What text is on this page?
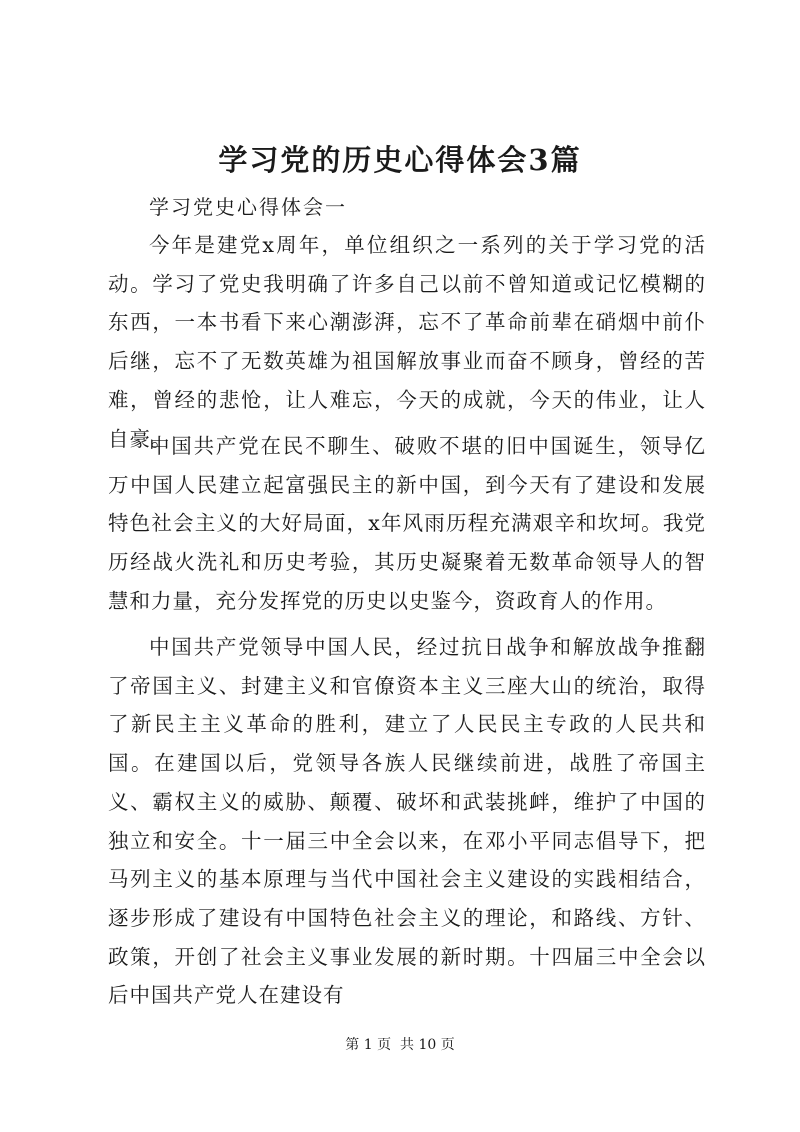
学习党的历史心得体会3篇
学习党史心得体会一

今年是建党x周年，单位组织之一系列的关于学习党的活动。学习了党史我明确了许多自己以前不曾知道或记忆模糊的东西，一本书看下来心潮澎湃，忘不了革命前辈在硝烟中前仆后继，忘不了无数英雄为祖国解放事业而奋不顾身，曾经的苦难，曾经的悲怆，让人难忘，今天的成就，今天的伟业，让人自豪。

中国共产党在民不聊生、破败不堪的旧中国诞生，领导亿万中国人民建立起富强民主的新中国，到今天有了建设和发展特色社会主义的大好局面，x年风雨历程充满艰辛和坎坷。我党历经战火洗礼和历史考验，其历史凝聚着无数革命领导人的智慧和力量，充分发挥党的历史以史鉴今，资政育人的作用。

中国共产党领导中国人民，经过抗日战争和解放战争推翻了帝国主义、封建主义和官僚资本主义三座大山的统治，取得了新民主主义革命的胜利，建立了人民民主专政的人民共和国。在建国以后，党领导各族人民继续前进，战胜了帝国主义、霸权主义的威胁、颠覆、破坏和武装挑衅，维护了中国的独立和安全。十一届三中全会以来，在邓小平同志倡导下，把马列主义的基本原理与当代中国社会主义建设的实践相结合，逐步形成了建设有中国特色社会主义的理论，和路线、方针、政策，开创了社会主义事业发展的新时期。十四届三中全会以后中国共产党人在建设有

第 1 页  共 10 页
